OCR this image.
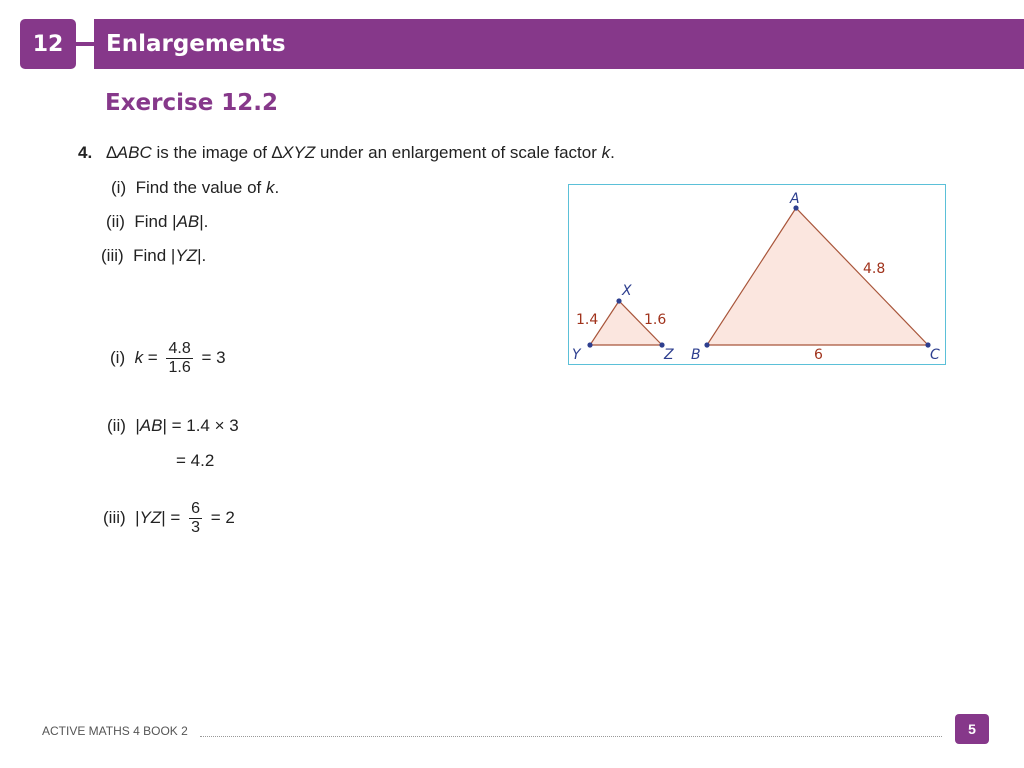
12	Enlargements
Exercise 12.2
4. ∆ABC is the image of ∆XYZ under an enlargement of scale factor k.
(i) Find the value of k.
(ii) Find |AB|.
(iii) Find |YZ|.
(i) $k = \frac{4.8}{1.6} = 3$
(ii)  |AB| = 1.4 × 3
= 4.2
(iii)  $|YZ| = \frac{6}{3} = 2$
X
Y	Z
A
B	C
1.4	1.6
4.8
6
ACTIVE MATHS 4 BOOK 2	5
